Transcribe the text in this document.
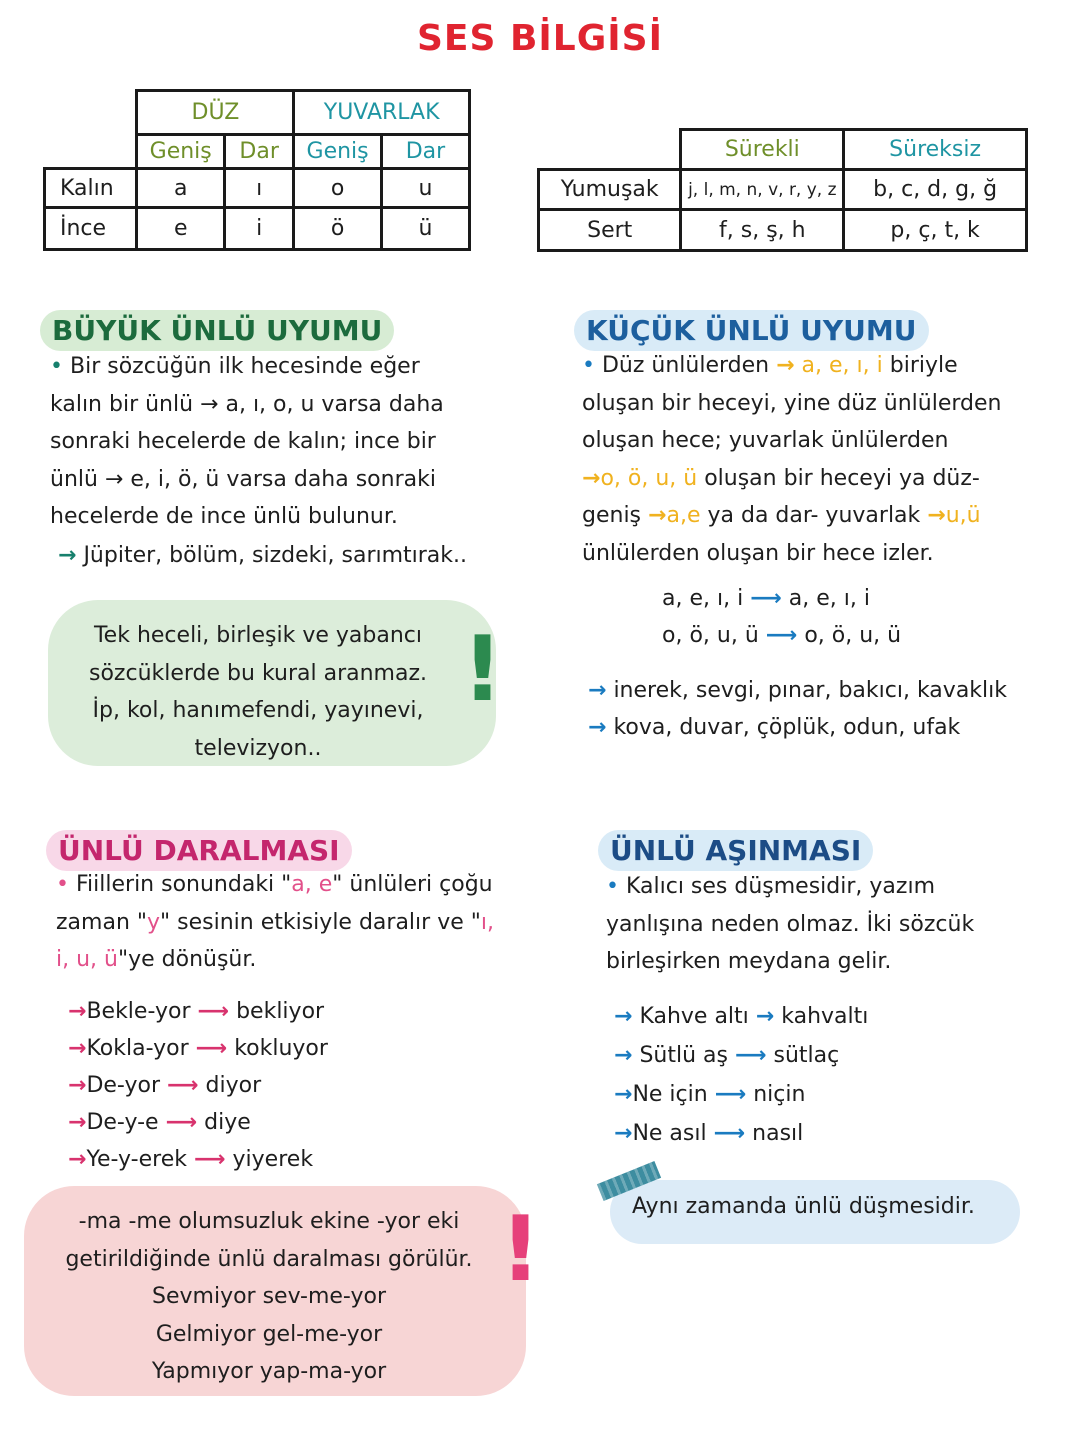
SES BİLGİSİ
	DÜZ		YUVARLAK	
	Geniş	Dar	Geniş	Dar
Kalın	a	ı	o	u
İnce	e	i	ö	ü
	Sürekli	Süreksiz
Yumuşak	j, l, m, n, v, r, y, z	b, c, d, g, ğ
Sert	f, s, ş, h	p, ç, t, k
BÜYÜK ÜNLÜ UYUMU
• Bir sözcüğün ilk hecesinde eğer
kalın bir ünlü → a, ı, o, u varsa daha
sonraki hecelerde de kalın; ince bir
ünlü → e, i, ö, ü varsa daha sonraki
hecelerde de ince ünlü bulunur.
→ Jüpiter, bölüm, sizdeki, sarımtırak..
Tek heceli, birleşik ve yabancı
sözcüklerde bu kural aranmaz.
İp, kol, hanımefendi, yayınevi,
televizyon..
!
KÜÇÜK ÜNLÜ UYUMU
• Düz ünlülerden → a, e, ı, i biriyle
oluşan bir heceyi, yine düz ünlülerden
oluşan hece; yuvarlak ünlülerden
→o, ö, u, ü oluşan bir heceyi ya düz-
geniş →a,e ya da dar- yuvarlak →u,ü
ünlülerden oluşan bir hece izler.
a, e, ı, i ⟶ a, e, ı, i
o, ö, u, ü ⟶ o, ö, u, ü
→ inerek, sevgi, pınar, bakıcı, kavaklık
→ kova, duvar, çöplük, odun, ufak
ÜNLÜ DARALMASI
• Fiillerin sonundaki "a, e" ünlüleri çoğu
zaman "y" sesinin etkisiyle daralır ve "ı,
i, u, ü"ye dönüşür.
→Bekle-yor ⟶ bekliyor
→Kokla-yor ⟶ kokluyor
→De-yor ⟶ diyor
→De-y-e ⟶ diye
→Ye-y-erek ⟶ yiyerek
-ma -me olumsuzluk ekine -yor eki
getirildiğinde ünlü daralması görülür.
Sevmiyor sev-me-yor
Gelmiyor gel-me-yor
Yapmıyor yap-ma-yor
!
ÜNLÜ AŞINMASI
• Kalıcı ses düşmesidir, yazım
yanlışına neden olmaz. İki sözcük
birleşirken meydana gelir.
→ Kahve altı → kahvaltı
→ Sütlü aş ⟶ sütlaç
→Ne için ⟶ niçin
→Ne asıl ⟶ nasıl
Aynı zamanda ünlü düşmesidir.
